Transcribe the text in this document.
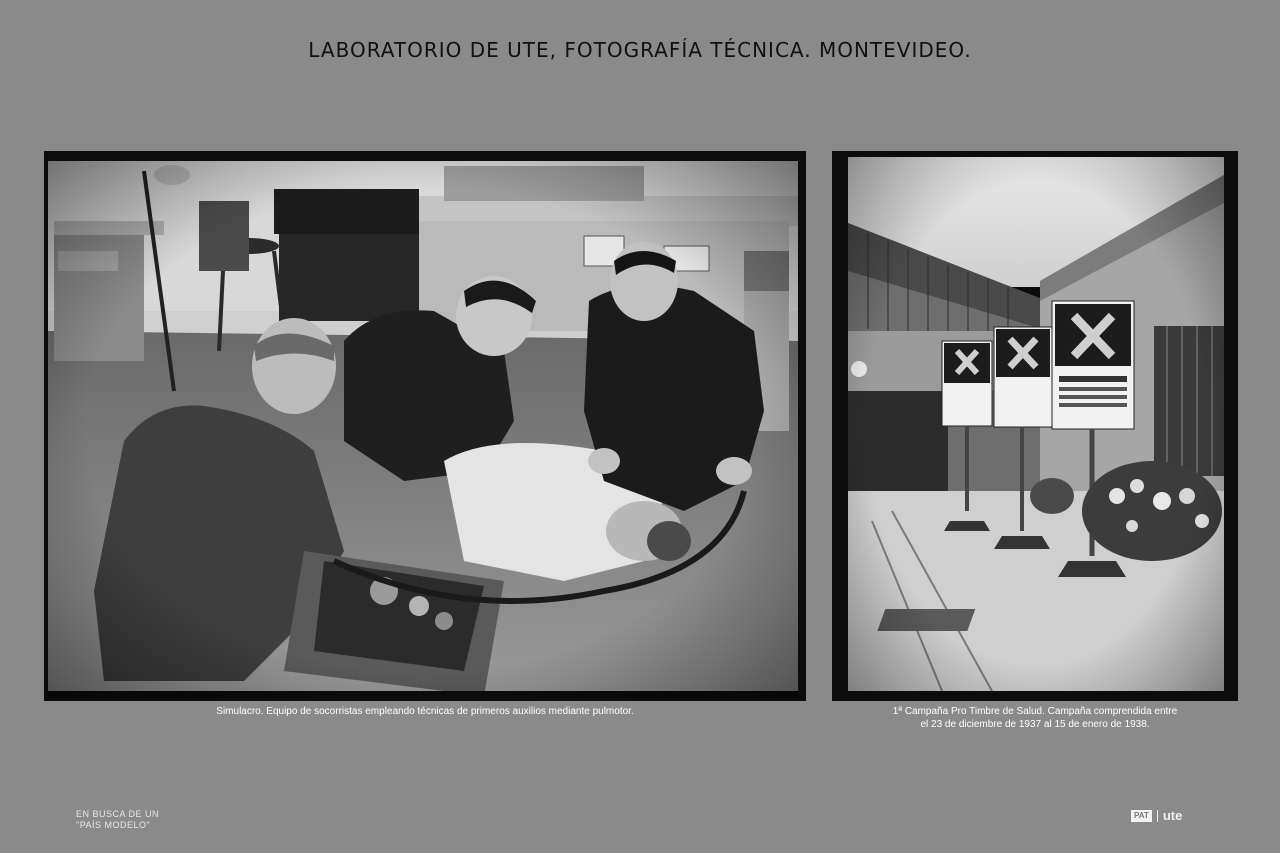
LABORATORIO DE UTE, FOTOGRAFÍA TÉCNICA. MONTEVIDEO.
Simulacro. Equipo de socorristas empleando técnicas de primeros auxilios mediante pulmotor.	1ª Campaña Pro Timbre de Salud. Campaña comprendida entre
el 23 de diciembre de 1937 al 15 de enero de 1938.
EN BUSCA DE UN
"PAÍS MODELO"
PAT ute
